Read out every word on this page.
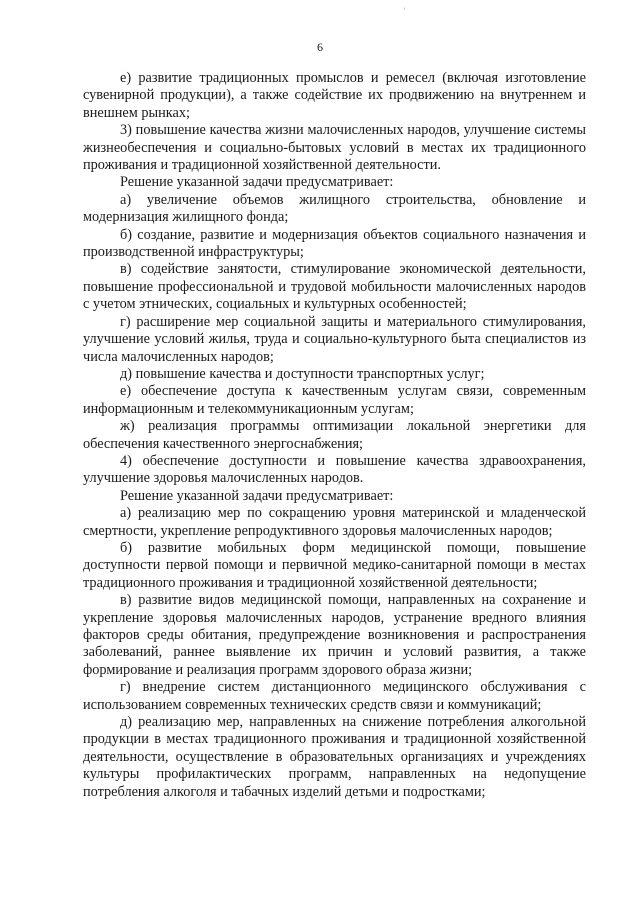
'
6

е) развитие традиционных промыслов и ремесел (включая изготовление сувенирной продукции), а также содействие их продвижению на внутреннем и внешнем рынках;

3) повышение качества жизни малочисленных народов, улучшение системы жизнеобеспечения и социально-бытовых условий в местах их традиционного проживания и традиционной хозяйственной деятельности.

Решение указанной задачи предусматривает:

а) увеличение объемов жилищного строительства, обновление и модернизация жилищного фонда;

б) создание, развитие и модернизация объектов социального назначения и производственной инфраструктуры;

в) содействие занятости, стимулирование экономической деятельности, повышение профессиональной и трудовой мобильности малочисленных народов с учетом этнических, социальных и культурных особенностей;

г) расширение мер социальной защиты и материального стимулирования, улучшение условий жилья, труда и социально-культурного быта специалистов из числа малочисленных народов;

д) повышение качества и доступности транспортных услуг;

е) обеспечение доступа к качественным услугам связи, современным информационным и телекоммуникационным услугам;

ж) реализация программы оптимизации локальной энергетики для обеспечения качественного энергоснабжения;

4) обеспечение доступности и повышение качества здравоохранения, улучшение здоровья малочисленных народов.

Решение указанной задачи предусматривает:

а) реализацию мер по сокращению уровня материнской и младенческой смертности, укрепление репродуктивного здоровья малочисленных народов;

б) развитие мобильных форм медицинской помощи, повышение доступности первой помощи и первичной медико-санитарной помощи в местах традиционного проживания и традиционной хозяйственной деятельности;

в) развитие видов медицинской помощи, направленных на сохранение и укрепление здоровья малочисленных народов, устранение вредного влияния факторов среды обитания, предупреждение возникновения и распространения заболеваний, раннее выявление их причин и условий развития, а также формирование и реализация программ здорового образа жизни;

г) внедрение систем дистанционного медицинского обслуживания с использованием современных технических средств связи и коммуникаций;

д) реализацию мер, направленных на снижение потребления алкогольной продукции в местах традиционного проживания и традиционной хозяйственной деятельности, осуществление в образовательных организациях и учреждениях культуры профилактических программ, направленных на недопущение потребления алкоголя и табачных изделий детьми и подростками;
